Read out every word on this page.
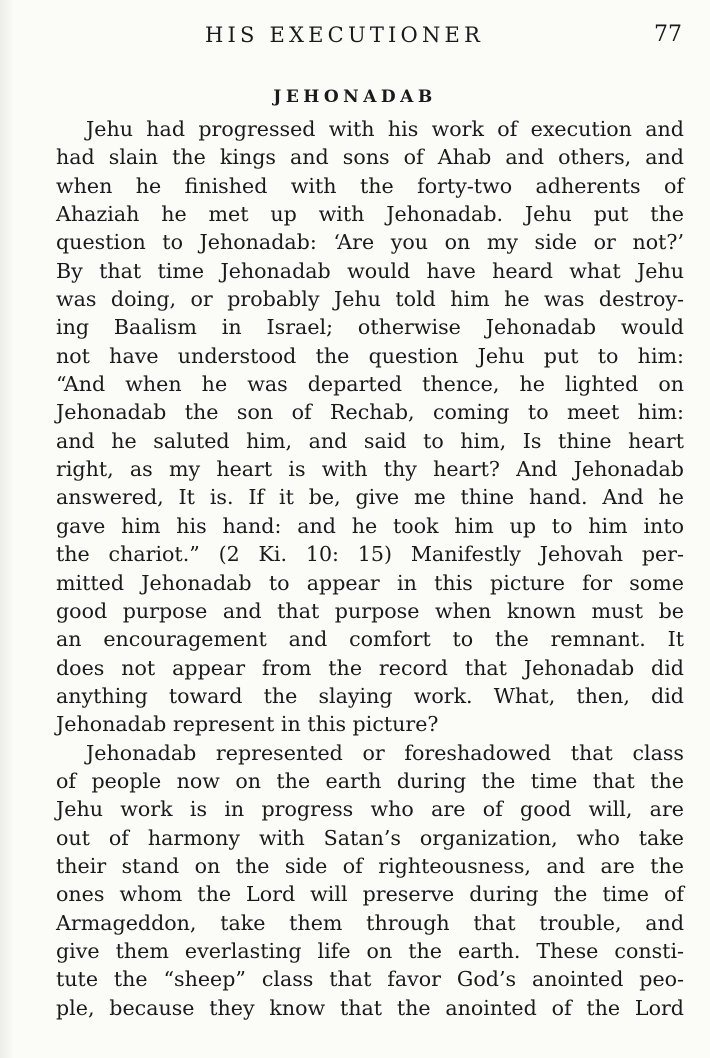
HIS EXECUTIONER	77
JEHONADAB
Jehu had progressed with his work of execution and
had slain the kings and sons of Ahab and others, and
when he finished with the forty-two adherents of
Ahaziah he met up with Jehonadab. Jehu put the
question to Jehonadab: ‘Are you on my side or not?’
By that time Jehonadab would have heard what Jehu
was doing, or probably Jehu told him he was destroy-
ing Baalism in Israel; otherwise Jehonadab would
not have understood the question Jehu put to him:
“And when he was departed thence, he lighted on
Jehonadab the son of Rechab, coming to meet him:
and he saluted him, and said to him, Is thine heart
right, as my heart is with thy heart? And Jehonadab
answered, It is. If it be, give me thine hand. And he
gave him his hand: and he took him up to him into
the chariot.” (2 Ki. 10: 15) Manifestly Jehovah per-
mitted Jehonadab to appear in this picture for some
good purpose and that purpose when known must be
an encouragement and comfort to the remnant. It
does not appear from the record that Jehonadab did
anything toward the slaying work. What, then, did
Jehonadab represent in this picture?
Jehonadab represented or foreshadowed that class
of people now on the earth during the time that the
Jehu work is in progress who are of good will, are
out of harmony with Satan’s organization, who take
their stand on the side of righteousness, and are the
ones whom the Lord will preserve during the time of
Armageddon, take them through that trouble, and
give them everlasting life on the earth. These consti-
tute the “sheep” class that favor God’s anointed peo-
ple, because they know that the anointed of the Lord
